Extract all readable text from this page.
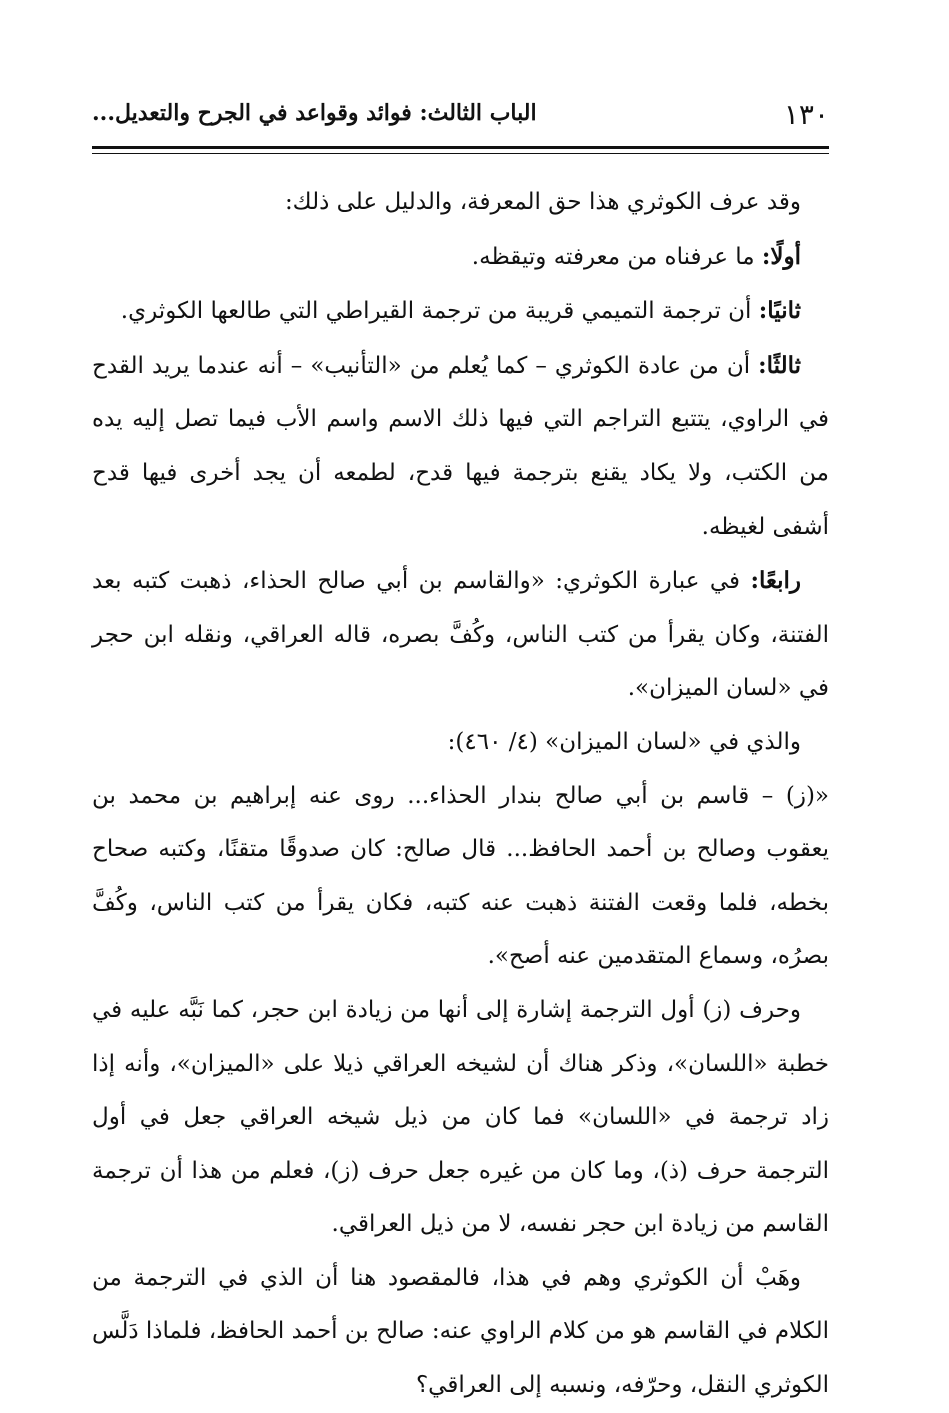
١٣٠
الباب الثالث: فوائد وقواعد في الجرح والتعديل...

وقد عرف الكوثري هذا حق المعرفة، والدليل على ذلك:

أولًا: ما عرفناه من معرفته وتيقظه.

ثانيًا: أن ترجمة التميمي قريبة من ترجمة القيراطي التي طالعها الكوثري.

ثالثًا: أن من عادة الكوثري – كما يُعلم من «التأنيب» – أنه عندما يريد القدح في الراوي، يتتبع التراجم التي فيها ذلك الاسم واسم الأب فيما تصل إليه يده من الكتب، ولا يكاد يقنع بترجمة فيها قدح، لطمعه أن يجد أخرى فيها قدح أشفى لغيظه.

رابعًا: في عبارة الكوثري: «والقاسم بن أبي صالح الحذاء، ذهبت كتبه بعد الفتنة، وكان يقرأ من كتب الناس، وكُفَّ بصره، قاله العراقي، ونقله ابن حجر في «لسان الميزان».

والذي في «لسان الميزان» (٤/ ٤٦٠):

«(ز) – قاسم بن أبي صالح بندار الحذاء... روى عنه إبراهيم بن محمد بن يعقوب وصالح بن أحمد الحافظ... قال صالح: كان صدوقًا متقنًا، وكتبه صحاح بخطه، فلما وقعت الفتنة ذهبت عنه كتبه، فكان يقرأ من كتب الناس، وكُفَّ بصرُه، وسماع المتقدمين عنه أصح».

وحرف (ز) أول الترجمة إشارة إلى أنها من زيادة ابن حجر، كما نَبَّه عليه في خطبة «اللسان»، وذكر هناك أن لشيخه العراقي ذيلا على «الميزان»، وأنه إذا زاد ترجمة في «اللسان» فما كان من ذيل شيخه العراقي جعل في أول الترجمة حرف (ذ)، وما كان من غيره جعل حرف (ز)، فعلم من هذا أن ترجمة القاسم من زيادة ابن حجر نفسه، لا من ذيل العراقي.

وهَبْ أن الكوثري وهم في هذا، فالمقصود هنا أن الذي في الترجمة من الكلام في القاسم هو من كلام الراوي عنه: صالح بن أحمد الحافظ، فلماذا دَلَّس الكوثري النقل، وحرّفه، ونسبه إلى العراقي؟
